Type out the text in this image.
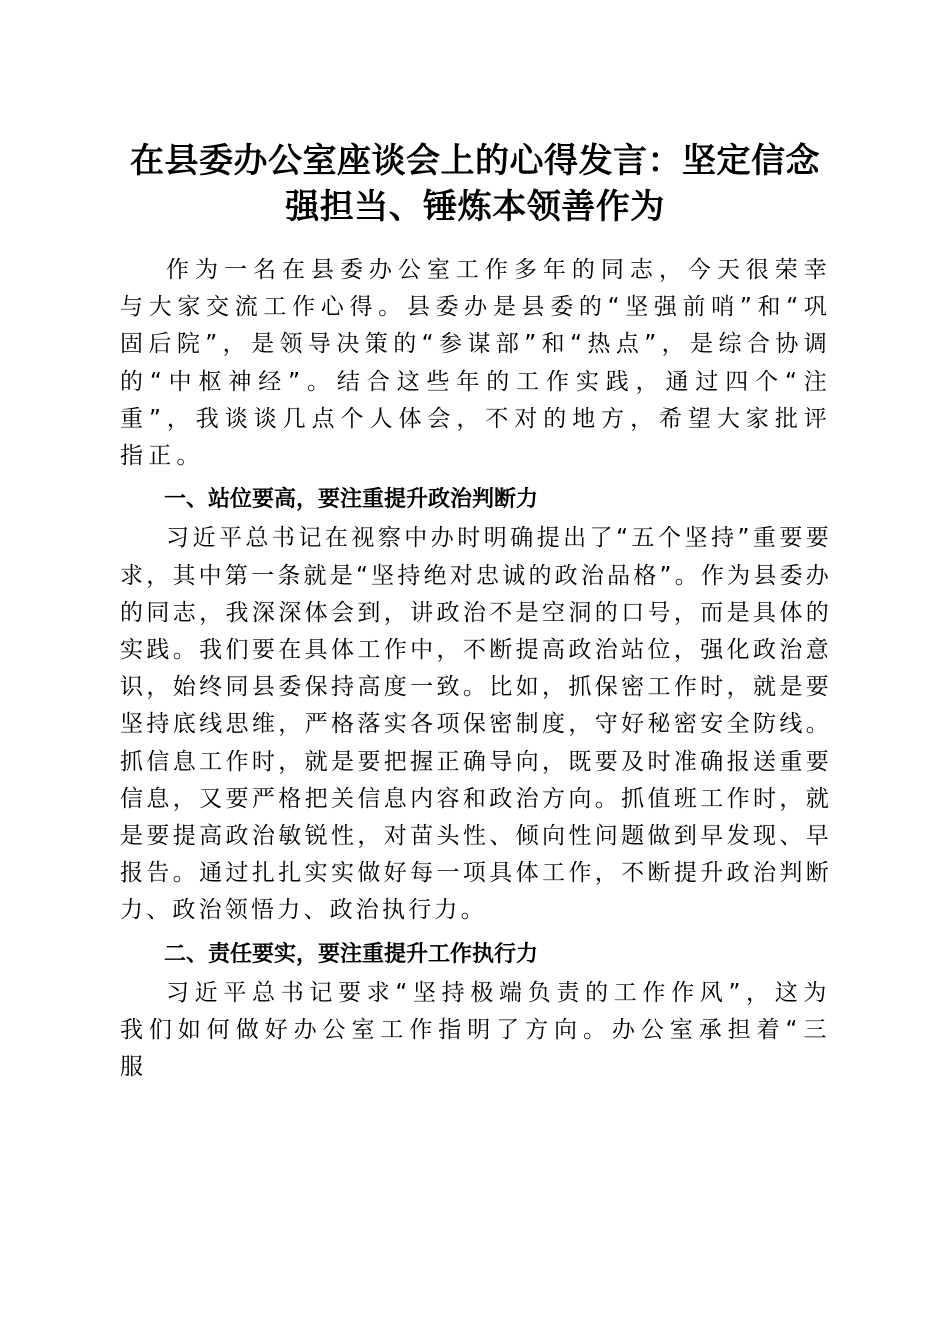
在县委办公室座谈会上的心得发言：坚定信念
强担当、锤炼本领善作为

作为一名在县委办公室工作多年的同志，今天很荣幸与大家交流工作心得。县委办是县委的“坚强前哨”和“巩固后院”，是领导决策的“参谋部”和“热点”，是综合协调的“中枢神经”。结合这些年的工作实践，通过四个“注重”，我谈谈几点个人体会，不对的地方，希望大家批评指正。

一、站位要高，要注重提升政治判断力

习近平总书记在视察中办时明确提出了“五个坚持”重要要求，其中第一条就是“坚持绝对忠诚的政治品格”。作为县委办的同志，我深深体会到，讲政治不是空洞的口号，而是具体的实践。我们要在具体工作中，不断提高政治站位，强化政治意识，始终同县委保持高度一致。比如，抓保密工作时，就是要坚持底线思维，严格落实各项保密制度，守好秘密安全防线。抓信息工作时，就是要把握正确导向，既要及时准确报送重要信息，又要严格把关信息内容和政治方向。抓值班工作时，就是要提高政治敏锐性，对苗头性、倾向性问题做到早发现、早报告。通过扎扎实实做好每一项具体工作，不断提升政治判断力、政治领悟力、政治执行力。

二、责任要实，要注重提升工作执行力

习近平总书记要求“坚持极端负责的工作作风”，这为我们如何做好办公室工作指明了方向。办公室承担着“三服
